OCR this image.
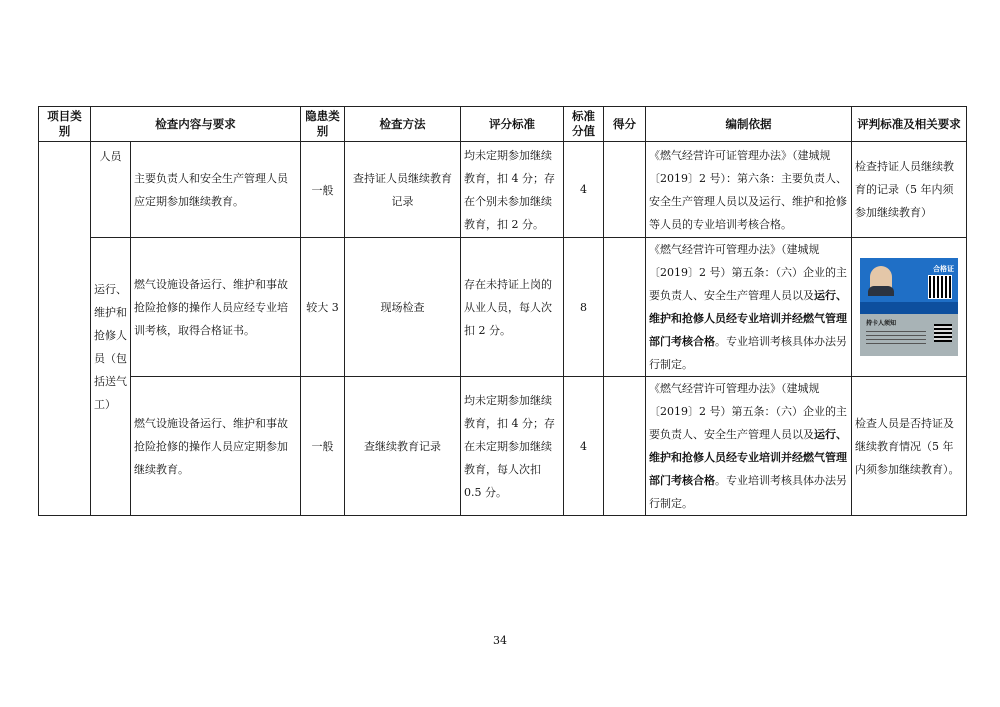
项目类别	检查内容与要求		隐患类别	检查方法	评分标准	标准分值	得分	编制依据	评判标准及相关要求
	人员	主要负责人和安全生产管理人员应定期参加继续教育。	一般	查持证人员继续教育记录	均未定期参加继续教育，扣 4 分；存在个别未参加继续教育，扣 2 分。	4		《燃气经营许可证管理办法》（建城规〔2019〕2 号）：第六条：主要负责人、安全生产管理人员以及运行、维护和抢修等人员的专业培训考核合格。	检查持证人员继续教育的记录（5 年内须参加继续教育）
	运行、维护和抢修人员（包括送气工）	燃气设施设备运行、维护和事故抢险抢修的操作人员应经专业培训考核，取得合格证书。	较大 3	现场检查	存在未持证上岗的从业人员，每人次扣 2 分。	8		《燃气经营许可管理办法》（建城规〔2019〕2 号）第五条：（六）企业的主要负责人、安全生产管理人员以及运行、维护和抢修人员经专业培训并经燃气管理部门考核合格。专业培训考核具体办法另行制定。	合格证
持卡人须知

		燃气设施设备运行、维护和事故抢险抢修的操作人员应定期参加继续教育。	一般	查继续教育记录	均未定期参加继续教育，扣 4 分；存在未定期参加继续教育，每人次扣 0.5 分。	4		《燃气经营许可管理办法》（建城规〔2019〕2 号）第五条：（六）企业的主要负责人、安全生产管理人员以及运行、维护和抢修人员经专业培训并经燃气管理部门考核合格。专业培训考核具体办法另行制定。	检查人员是否持证及继续教育情况（5 年内须参加继续教育）。
34
